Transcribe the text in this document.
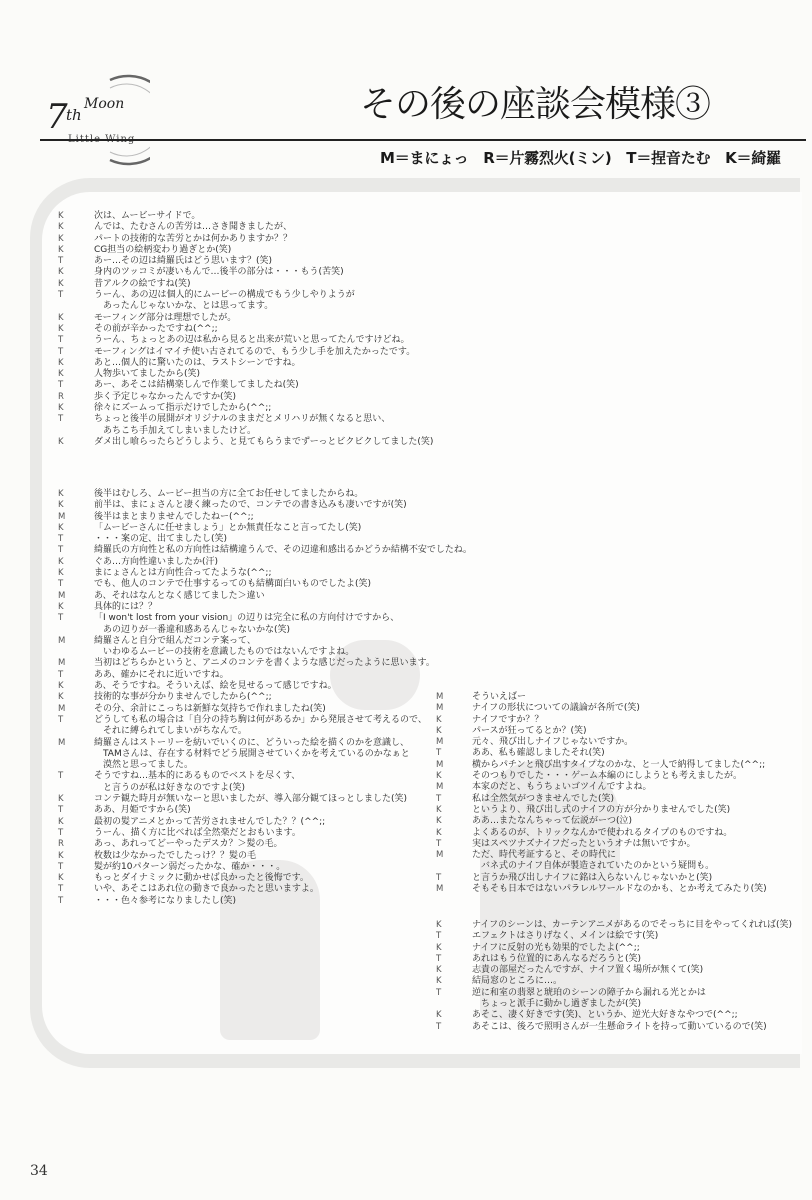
7
th
Moon	その後の座談会模様③
M＝まにょっ　R＝片霧烈火(ミン)　T＝捏音たむ　K＝綺羅
K	次は、ムービーサイドで。
K	んでは、たむさんの苦労は…さき聞きましたが、
K	パートの技術的な苦労とかは何かありますか？？
K	CG担当の絵柄変わり過ぎとか(笑)
T	あー…その辺は綺羅氏はどう思います？(笑)
K	身内のツッコミが凄いもんで…後半の部分は・・・もう(苦笑)
K	昔アルクの絵ですね(笑)
T	うーん、あの辺は個人的にムービーの構成でもう少しやりようが
　あったんじゃないかな、とは思ってます。
K	モーフィング部分は理想でしたが。
K	その前が辛かったですね(^^;;
T	うーん、ちょっとあの辺は私から見ると出来が荒いと思ってたんですけどね。
T	モーフィングはイマイチ使い古されてるので、もう少し手を加えたかったです。
K	あと…個人的に驚いたのは、ラストシーンですね。
K	人物歩いてましたから(笑)
T	あー、あそこは結構楽しんで作業してましたね(笑)
R	歩く予定じゃなかったんですか(笑)
K	徐々にズームって指示だけでしたから(^^;;
T	ちょっと後半の展開がオリジナルのままだとメリハリが無くなると思い、
　あちこち手加えてしまいましたけど。
K	ダメ出し喰らったらどうしよう、と見てもらうまでずーっとビクビクしてました(笑)
K	後半はむしろ、ムービー担当の方に全てお任せしてましたからね。
K	前半は、まにょさんと凄く練ったので、コンテでの書き込みも凄いですが(笑)
M	後半はまとまりませんでしたねー(^^;;
K	「ムービーさんに任せましょう」とか無責任なこと言ってたし(笑)
T	・・・案の定、出てましたし(笑)
T	綺羅氏の方向性と私の方向性は結構違うんで、その辺違和感出るかどうか結構不安でしたね。
K	ぐあ…方向性違いましたか(汗)
K	まにょさんとは方向性合ってたような(^^;;
T	でも、他人のコンテで仕事するってのも結構面白いものでしたよ(笑)
M	あ、それはなんとなく感じてました＞違い
K	具体的には？？
T	「I won't lost from your vision」の辺りは完全に私の方向付けですから、
　あの辺りが一番違和感あるんじゃないかな(笑)
M	綺羅さんと自分で組んだコンテ案って、
　いわゆるムービーの技術を意識したものではないんですよね。
M	当初はどちらかというと、アニメのコンテを書くような感じだったように思います。
T	ああ、確かにそれに近いですね。
K	あ、そうですね。そういえば、絵を見せるって感じですね。
K	技術的な事が分かりませんでしたから(^^;;
M	その分、余計にこっちは新鮮な気持ちで作れましたね(笑)
T	どうしても私の場合は「自分の持ち駒は何があるか」から発展させて考えるので、
　それに縛られてしまいがちなんで。
M	綺羅さんはストーリーを紡いでいくのに、どういった絵を描くのかを意識し、
　TAMさんは、存在する材料でどう展開させていくかを考えているのかなぁと
　漠然と思ってました。
T	そうですね…基本的にあるものでベストを尽くす、
　と言うのが私は好きなのですよ(笑)
K	コンテ観た時月が無いなーと思いましたが、導入部分観てほっとしました(笑)
T	ああ、月姫ですから(笑)
K	最初の髪アニメとかって苦労されませんでした？？(^^;;
T	うーん、描く方に比べれば全然楽だとおもいます。
R	あっ、あれってどーやったデスカ？＞髪の毛。
K	枚数は少なかったでしたっけ？？髪の毛
T	髪が約10パターン弱だったかな、確か・・・。
K	もっとダイナミックに動かせば良かったと後悔です。
T	いや、あそこはあれ位の動きで良かったと思いますよ。
T	・・・色々参考になりましたし(笑)
M	そういえばー
M	ナイフの形状についての議論が各所で(笑)
K	ナイフですか？？
K	パースが狂ってるとか？(笑)
M	元々、飛び出しナイフじゃないですか。
T	ああ、私も確認しましたそれ(笑)
M	横からパチンと飛び出すタイプなのかな、と一人で納得してました(^^;;
K	そのつもりでした・・・ゲーム本編のにしようとも考えましたが。
M	本家のだと、もうちょいゴツイんですよね。
T	私は全然気がつきませんでした(笑)
K	というより、飛び出し式のナイフの方が分かりませんでした(笑)
K	ああ…またなんちゃって伝説がーつ(泣)
K	よくあるのが、トリックなんかで使われるタイプのものですね。
T	実はスペツナズナイフだったというオチは無いですか。
M	ただ、時代考証すると、その時代に
　バネ式のナイフ自体が製造されていたのかという疑問も。
T	と言うか飛び出しナイフに銘は入らないんじゃないかと(笑)
M	そもそも日本ではないパラレルワールドなのかも、とか考えてみたり(笑)
K	ナイフのシーンは、カーテンアニメがあるのでそっちに目をやってくれれば(笑)
T	エフェクトはさりげなく、メインは絵です(笑)
K	ナイフに反射の光も効果的でしたよ(^^;;
T	あれはもう位置的にあんなるだろうと(笑)
K	志貴の部屋だったんですが、ナイフ置く場所が無くて(笑)
K	結局窓のところに…。
T	逆に和室の翡翠と琥珀のシーンの障子から漏れる光とかは
　ちょっと派手に動かし過ぎましたが(笑)
K	あそこ、凄く好きです(笑)、というか、逆光大好きなやつで(^^;;
T	あそこは、後ろで照明さんが一生懸命ライトを持って動いているので(笑)
34
